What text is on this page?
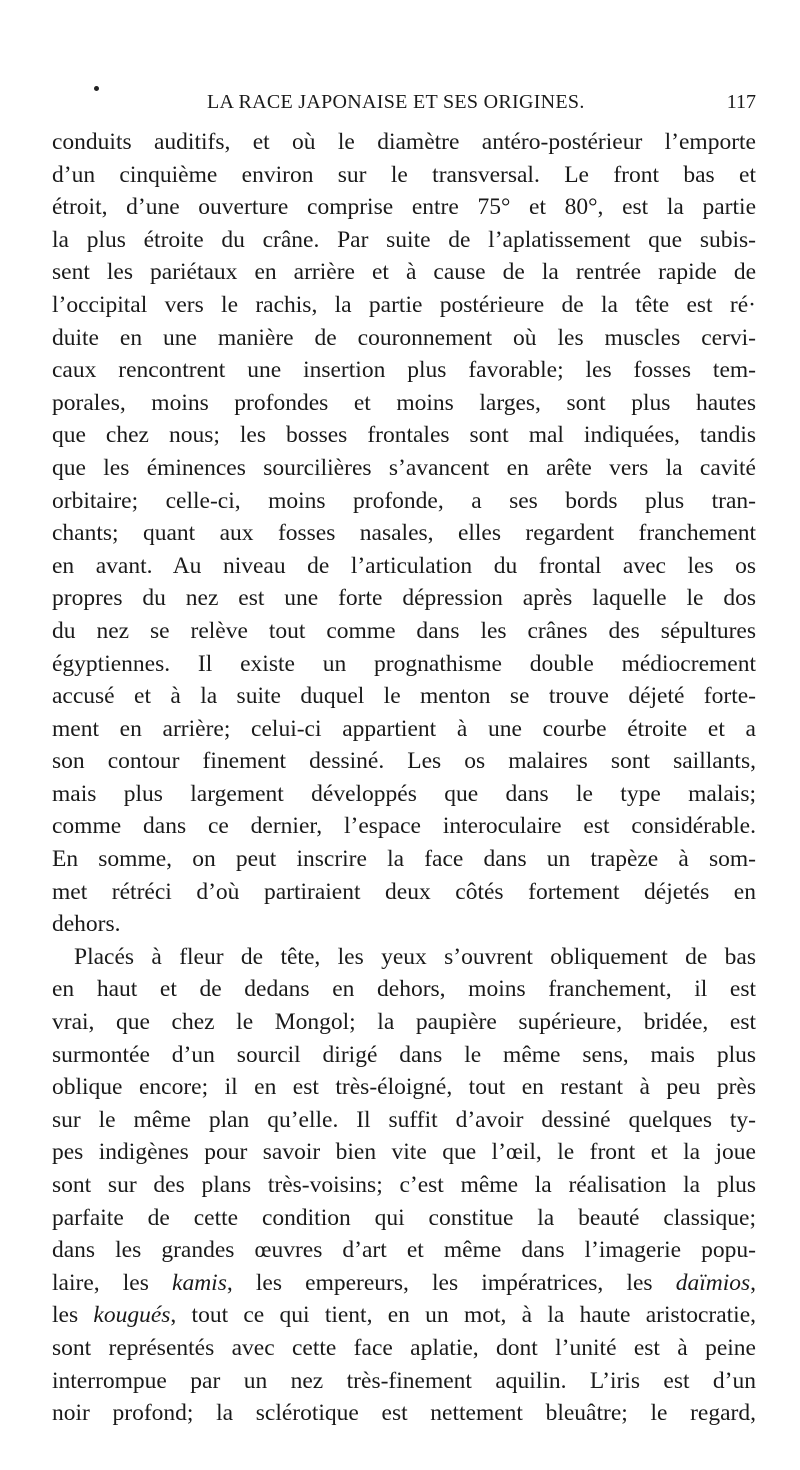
LA RACE JAPONAISE ET SES ORIGINES.	117
conduits auditifs, et où le diamètre antéro-postérieur l’emporte
d’un cinquième environ sur le transversal. Le front bas et
étroit, d’une ouverture comprise entre 75° et 80°, est la partie
la plus étroite du crâne. Par suite de l’aplatissement que subis-
sent les pariétaux en arrière et à cause de la rentrée rapide de
l’occipital vers le rachis, la partie postérieure de la tête est ré·
duite en une manière de couronnement où les muscles cervi-
caux rencontrent une insertion plus favorable; les fosses tem-
porales, moins profondes et moins larges, sont plus hautes
que chez nous; les bosses frontales sont mal indiquées, tandis
que les éminences sourcilières s’avancent en arête vers la cavité
orbitaire; celle-ci, moins profonde, a ses bords plus tran-
chants; quant aux fosses nasales, elles regardent franchement
en avant. Au niveau de l’articulation du frontal avec les os
propres du nez est une forte dépression après laquelle le dos
du nez se relève tout comme dans les crânes des sépultures
égyptiennes. Il existe un prognathisme double médiocrement
accusé et à la suite duquel le menton se trouve déjeté forte-
ment en arrière; celui-ci appartient à une courbe étroite et a
son contour finement dessiné. Les os malaires sont saillants,
mais plus largement développés que dans le type malais;
comme dans ce dernier, l’espace interoculaire est considérable.
En somme, on peut inscrire la face dans un trapèze à som-
met rétréci d’où partiraient deux côtés fortement déjetés en
dehors.
Placés à fleur de tête, les yeux s’ouvrent obliquement de bas
en haut et de dedans en dehors, moins franchement, il est
vrai, que chez le Mongol; la paupière supérieure, bridée, est
surmontée d’un sourcil dirigé dans le même sens, mais plus
oblique encore; il en est très-éloigné, tout en restant à peu près
sur le même plan qu’elle. Il suffit d’avoir dessiné quelques ty-
pes indigènes pour savoir bien vite que l’œil, le front et la joue
sont sur des plans très-voisins; c’est même la réalisation la plus
parfaite de cette condition qui constitue la beauté classique;
dans les grandes œuvres d’art et même dans l’imagerie popu-
laire, les kamis, les empereurs, les impératrices, les daïmios,
les kougués, tout ce qui tient, en un mot, à la haute aristocratie,
sont représentés avec cette face aplatie, dont l’unité est à peine
interrompue par un nez très-finement aquilin. L’iris est d’un
noir profond; la sclérotique est nettement bleuâtre; le regard,
